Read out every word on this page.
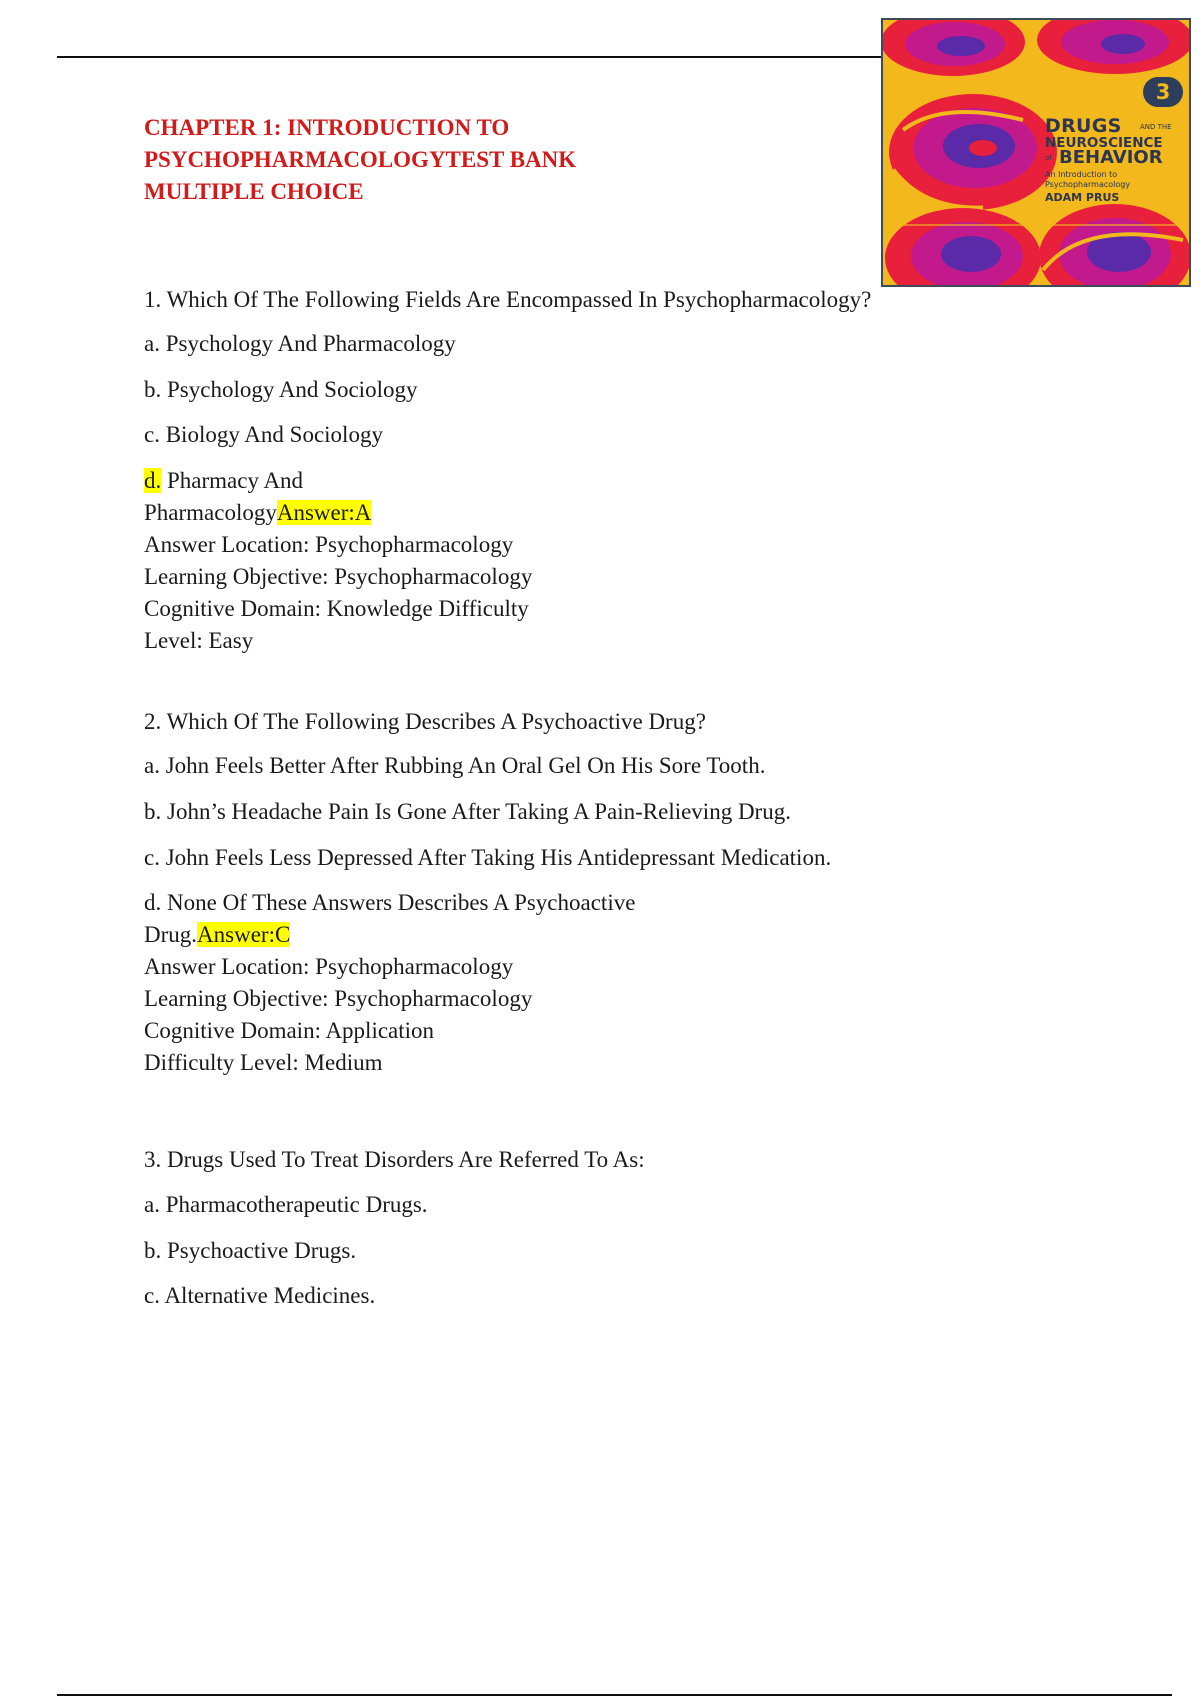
3
DRUGS	AND THE
NEUROSCIENCE
of BEHAVIOR
An Introduction to Psychopharmacology
ADAM PRUS
CHAPTER 1: INTRODUCTION TO
PSYCHOPHARMACOLOGYTEST BANK
MULTIPLE CHOICE
1. Which Of The Following Fields Are Encompassed In Psychopharmacology?
a. Psychology And Pharmacology
b. Psychology And Sociology
c. Biology And Sociology
d. Pharmacy And
PharmacologyAnswer:A
Answer Location: Psychopharmacology
Learning Objective: Psychopharmacology
Cognitive Domain: Knowledge Difficulty
Level: Easy
2. Which Of The Following Describes A Psychoactive Drug?
a. John Feels Better After Rubbing An Oral Gel On His Sore Tooth.
b. John’s Headache Pain Is Gone After Taking A Pain-Relieving Drug.
c. John Feels Less Depressed After Taking His Antidepressant Medication.
d. None Of These Answers Describes A Psychoactive
Drug.Answer:C
Answer Location: Psychopharmacology
Learning Objective: Psychopharmacology
Cognitive Domain: Application
Difficulty Level: Medium
3. Drugs Used To Treat Disorders Are Referred To As:
a. Pharmacotherapeutic Drugs.
b. Psychoactive Drugs.
c. Alternative Medicines.
